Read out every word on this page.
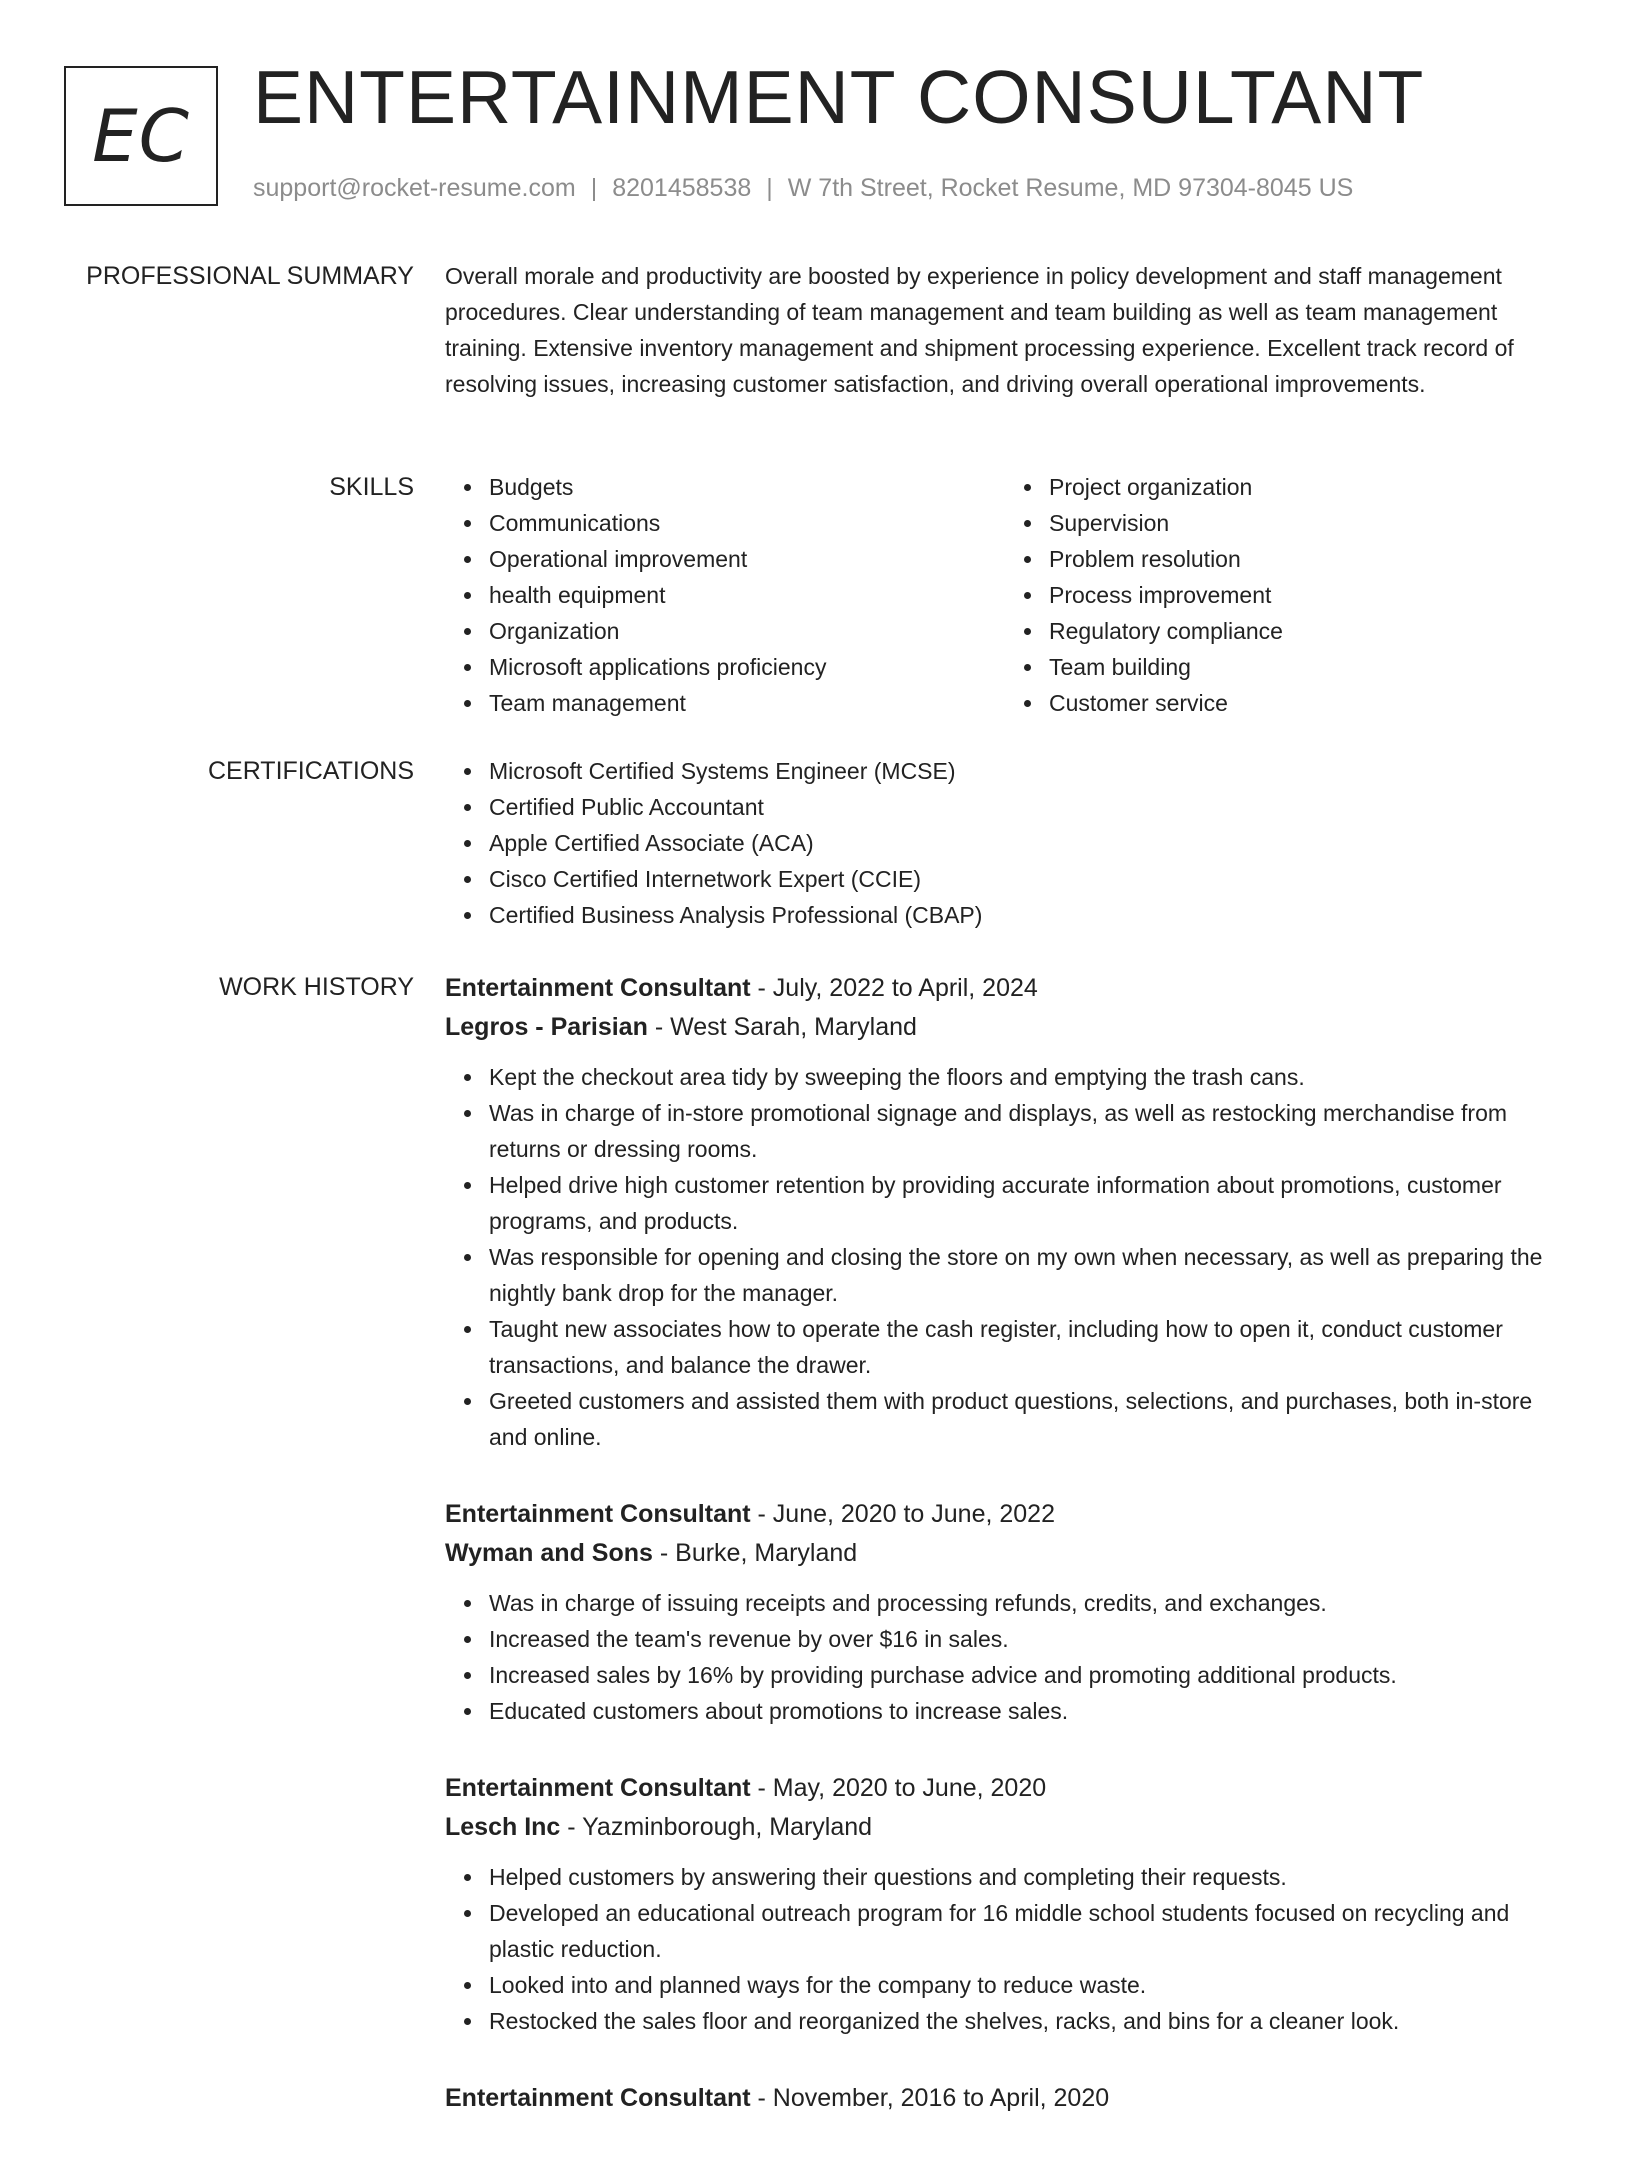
EC ENTERTAINMENT CONSULTANT
support@rocket-resume.com | 8201458538 | W 7th Street, Rocket Resume, MD 97304-8045 US
PROFESSIONAL SUMMARY Overall morale and productivity are boosted by experience in policy development and staff management procedures. Clear understanding of team management and team building as well as team management training. Extensive inventory management and shipment processing experience. Excellent track record of resolving issues, increasing customer satisfaction, and driving overall operational improvements.

SKILLS	Budgets
Communications
Operational improvement
health equipment
Organization
Microsoft applications proficiency
Team management
Project organization
Supervision
Problem resolution
Process improvement
Regulatory compliance
Team building
Customer service
CERTIFICATIONS	Microsoft Certified Systems Engineer (MCSE)
Certified Public Accountant
Apple Certified Associate (ACA)
Cisco Certified Internetwork Expert (CCIE)
Certified Business Analysis Professional (CBAP)
WORK HISTORY Entertainment Consultant - July, 2022 to April, 2024
Legros - Parisian - West Sarah, Maryland
Kept the checkout area tidy by sweeping the floors and emptying the trash cans.
Was in charge of in-store promotional signage and displays, as well as restocking merchandise from returns or dressing rooms.
Helped drive high customer retention by providing accurate information about promotions, customer programs, and products.
Was responsible for opening and closing the store on my own when necessary, as well as preparing the nightly bank drop for the manager.
Taught new associates how to operate the cash register, including how to open it, conduct customer transactions, and balance the drawer.
Greeted customers and assisted them with product questions, selections, and purchases, both in-store and online.
Entertainment Consultant - June, 2020 to June, 2022
Wyman and Sons - Burke, Maryland
Was in charge of issuing receipts and processing refunds, credits, and exchanges.
Increased the team's revenue by over $16 in sales.
Increased sales by 16% by providing purchase advice and promoting additional products.
Educated customers about promotions to increase sales.
Entertainment Consultant - May, 2020 to June, 2020
Lesch Inc - Yazminborough, Maryland
Helped customers by answering their questions and completing their requests.
Developed an educational outreach program for 16 middle school students focused on recycling and plastic reduction.
Looked into and planned ways for the company to reduce waste.
Restocked the sales floor and reorganized the shelves, racks, and bins for a cleaner look.
Entertainment Consultant - November, 2016 to April, 2020
